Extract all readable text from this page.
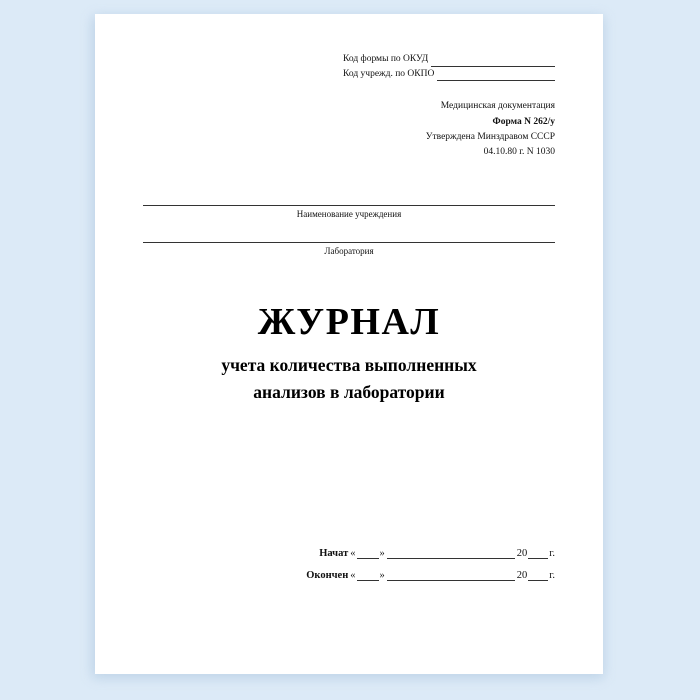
Код формы по ОКУД
Код учрежд. по ОКПО
Медицинская документация
Форма N 262/у
Утверждена Минздравом СССР
04.10.80 г. N 1030
Наименование учреждения
Лаборатория
ЖУРНАЛ
учета количества выполненных
анализов в лаборатории
Начат « »	20 г.
Окончен « »	20 г.
